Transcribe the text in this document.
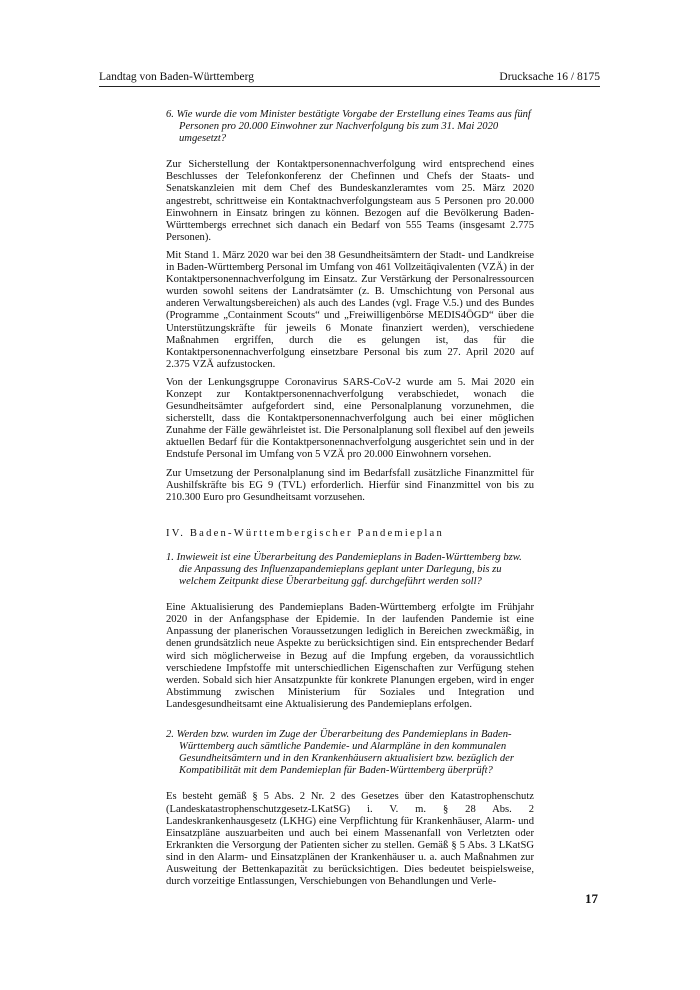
Landtag von Baden-Württemberg	Drucksache 16 / 8175

6. Wie wurde die vom Minister bestätigte Vorgabe der Erstellung eines Teams aus fünf Personen pro 20.000 Einwohner zur Nachverfolgung bis zum 31. Mai 2020 umgesetzt?

Zur Sicherstellung der Kontaktpersonennachverfolgung wird entsprechend eines Beschlusses der Telefonkonferenz der Chefinnen und Chefs der Staats- und Senatskanzleien mit dem Chef des Bundeskanzleramtes vom 25. März 2020 angestrebt, schrittweise ein Kontaktnachverfolgungsteam aus 5 Personen pro 20.000 Einwohnern in Einsatz bringen zu können. Bezogen auf die Bevölkerung Baden-Württembergs errechnet sich danach ein Bedarf von 555 Teams (insgesamt 2.775 Personen).

Mit Stand 1. März 2020 war bei den 38 Gesundheitsämtern der Stadt- und Landkreise in Baden-Württemberg Personal im Umfang von 461 Vollzeitäqivalenten (VZÄ) in der Kontaktpersonennachverfolgung im Einsatz. Zur Verstärkung der Personalressourcen wurden sowohl seitens der Landratsämter (z. B. Umschichtung von Personal aus anderen Verwaltungsbereichen) als auch des Landes (vgl. Frage V.5.) und des Bundes (Programme „Containment Scouts“ und „Freiwilligenbörse MEDIS4ÖGD“ über die Unterstützungskräfte für jeweils 6 Monate finanziert werden), verschiedene Maßnahmen ergriffen, durch die es gelungen ist, das für die Kontaktpersonennachverfolgung einsetzbare Personal bis zum 27. April 2020 auf 2.375 VZÄ aufzustocken.

Von der Lenkungsgruppe Coronavirus SARS-CoV-2 wurde am 5. Mai 2020 ein Konzept zur Kontaktpersonennachverfolgung verabschiedet, wonach die Gesundheitsämter aufgefordert sind, eine Personalplanung vorzunehmen, die sicherstellt, dass die Kontaktpersonennachverfolgung auch bei einer möglichen Zunahme der Fälle gewährleistet ist. Die Personalplanung soll flexibel auf den jeweils aktuellen Bedarf für die Kontaktpersonennachverfolgung ausgerichtet sein und in der Endstufe Personal im Umfang von 5 VZÄ pro 20.000 Einwohnern vorsehen.

Zur Umsetzung der Personalplanung sind im Bedarfsfall zusätzliche Finanzmittel für Aushilfskräfte bis EG 9 (TVL) erforderlich. Hierfür sind Finanzmittel von bis zu 210.300 Euro pro Gesundheitsamt vorzusehen.

IV. Baden-Württembergischer Pandemieplan

1. Inwieweit ist eine Überarbeitung des Pandemieplans in Baden-Württemberg bzw. die Anpassung des Influenzapandemieplans geplant unter Darlegung, bis zu welchem Zeitpunkt diese Überarbeitung ggf. durchgeführt werden soll?

Eine Aktualisierung des Pandemieplans Baden-Württemberg erfolgte im Frühjahr 2020 in der Anfangsphase der Epidemie. In der laufenden Pandemie ist eine Anpassung der planerischen Voraussetzungen lediglich in Bereichen zweckmäßig, in denen grundsätzlich neue Aspekte zu berücksichtigen sind. Ein entsprechender Bedarf wird sich möglicherweise in Bezug auf die Impfung ergeben, da voraussichtlich verschiedene Impfstoffe mit unterschiedlichen Eigenschaften zur Verfügung stehen werden. Sobald sich hier Ansatzpunkte für konkrete Planungen ergeben, wird in enger Abstimmung zwischen Ministerium für Soziales und Integration und Landesgesundheitsamt eine Aktualisierung des Pandemieplans erfolgen.

2. Werden bzw. wurden im Zuge der Überarbeitung des Pandemieplans in Baden-Württemberg auch sämtliche Pandemie- und Alarmpläne in den kommunalen Gesundheitsämtern und in den Krankenhäusern aktualisiert bzw. bezüglich der Kompatibilität mit dem Pandemieplan für Baden-Württemberg überprüft?

Es besteht gemäß § 5 Abs. 2 Nr. 2 des Gesetzes über den Katastrophenschutz (Landeskatastrophenschutzgesetz-LKatSG) i. V. m. § 28 Abs. 2 Landeskrankenhausgesetz (LKHG) eine Verpflichtung für Krankenhäuser, Alarm- und Einsatzpläne auszuarbeiten und auch bei einem Massenanfall von Verletzten oder Erkrankten die Versorgung der Patienten sicher zu stellen. Gemäß § 5 Abs. 3 LKatSG sind in den Alarm- und Einsatzplänen der Krankenhäuser u. a. auch Maßnahmen zur Ausweitung der Bettenkapazität zu berücksichtigen. Dies bedeutet beispielsweise, durch vorzeitige Entlassungen, Verschiebungen von Behandlungen und Verle-

17
